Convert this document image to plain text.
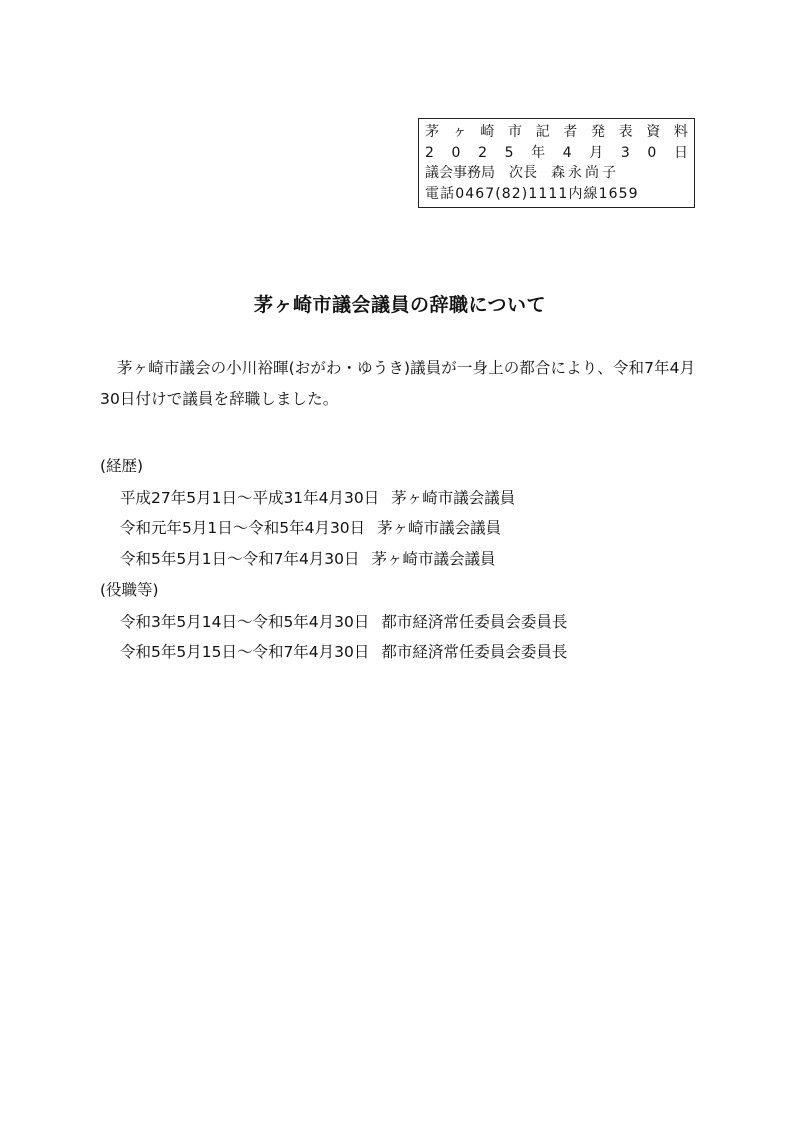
茅 ヶ 崎 市 記 者 発 表 資 料
2 0 2 5 年 4 月 3 0 日
議会事務局 次長 森永尚子
電話0467(82)1111内線1659
茅ヶ崎市議会議員の辞職について
茅ヶ崎市議会の小川裕暉(おがわ・ゆうき)議員が一身上の都合により、令和7年4月30日付けで議員を辞職しました。
(経歴)
平成27年5月1日～平成31年4月30日 茅ヶ崎市議会議員
令和元年5月1日～令和5年4月30日 茅ヶ崎市議会議員
令和5年5月1日～令和7年4月30日 茅ヶ崎市議会議員
(役職等)
令和3年5月14日～令和5年4月30日 都市経済常任委員会委員長
令和5年5月15日～令和7年4月30日 都市経済常任委員会委員長
